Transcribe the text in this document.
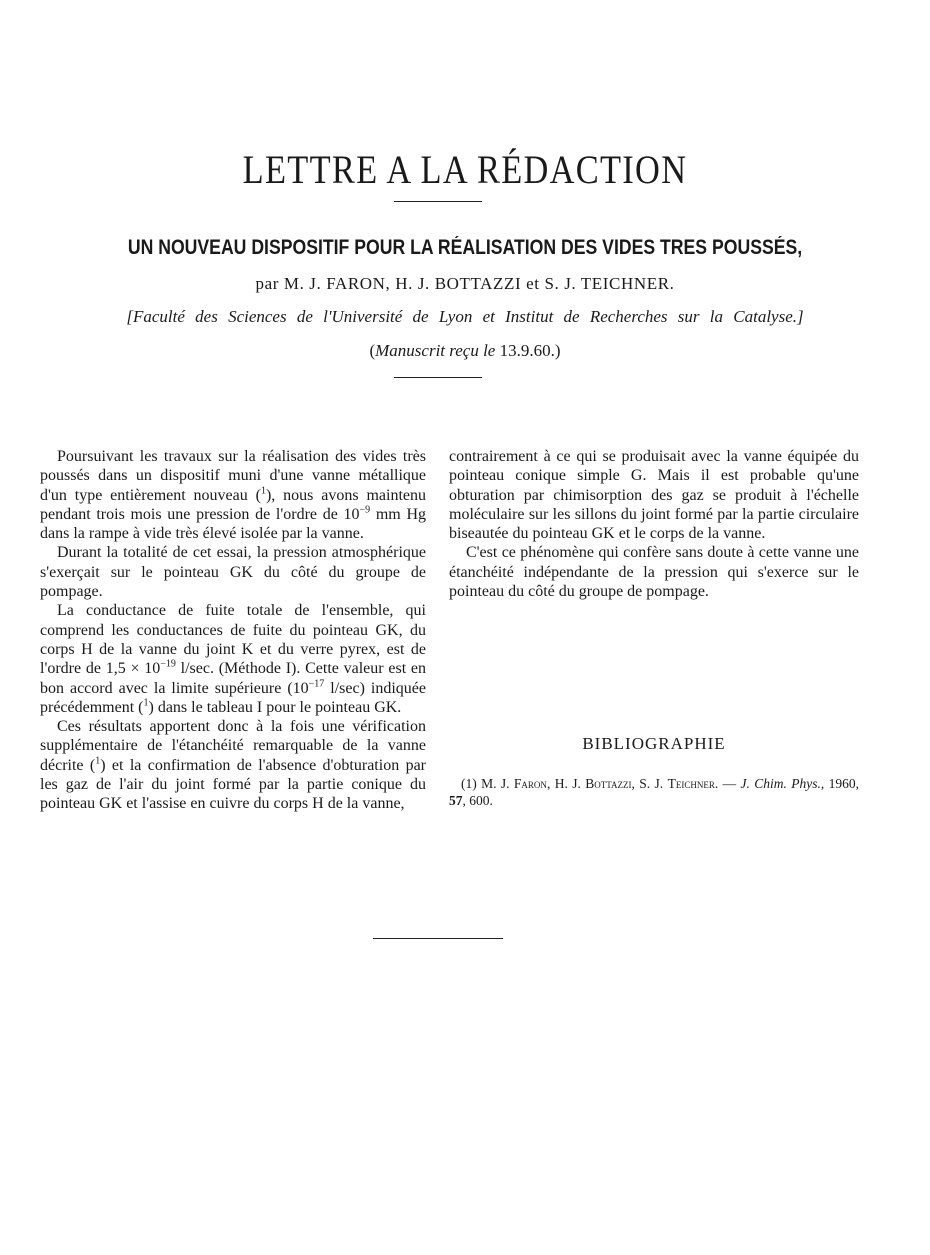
LETTRE A LA RÉDACTION
UN NOUVEAU DISPOSITIF POUR LA RÉALISATION DES VIDES TRES POUSSÉS,
par M. J. FARON, H. J. BOTTAZZI et S. J. TEICHNER.
[Faculté des Sciences de l'Université de Lyon et Institut de Recherches sur la Catalyse.]
(Manuscrit reçu le 13.9.60.)

Poursuivant les travaux sur la réalisation des vides très poussés dans un dispositif muni d'une vanne métallique d'un type entièrement nouveau ($^1$), nous avons maintenu pendant trois mois une pression de l'ordre de $10^{-9}$ mm Hg dans la rampe à vide très élevé isolée par la vanne.

Durant la totalité de cet essai, la pression atmosphérique s'exerçait sur le pointeau GK du côté du groupe de pompage.

La conductance de fuite totale de l'ensemble, qui comprend les conductances de fuite du pointeau GK, du corps H de la vanne du joint K et du verre pyrex, est de l'ordre de $1,5 \times 10^{-19}$ l/sec. (Méthode I). Cette valeur est en bon accord avec la limite supérieure ($10^{-17}$ l/sec) indiquée précédemment ($^1$) dans le tableau I pour le pointeau GK.

Ces résultats apportent donc à la fois une vérification supplémentaire de l'étanchéité remarquable de la vanne décrite ($^1$) et la confirmation de l'absence d'obturation par les gaz de l'air du joint formé par la partie conique du pointeau GK et l'assise en cuivre du corps H de la vanne,

contrairement à ce qui se produisait avec la vanne équipée du pointeau conique simple G. Mais il est probable qu'une obturation par chimisorption des gaz se produit à l'échelle moléculaire sur les sillons du joint formé par la partie circulaire biseautée du pointeau GK et le corps de la vanne.

C'est ce phénomène qui confère sans doute à cette vanne une étanchéité indépendante de la pression qui s'exerce sur le pointeau du côté du groupe de pompage.

BIBLIOGRAPHIE

(1) M. J. Faron, H. J. Bottazzi, S. J. Teichner. — J. Chim. Phys., 1960, 57, 600.
